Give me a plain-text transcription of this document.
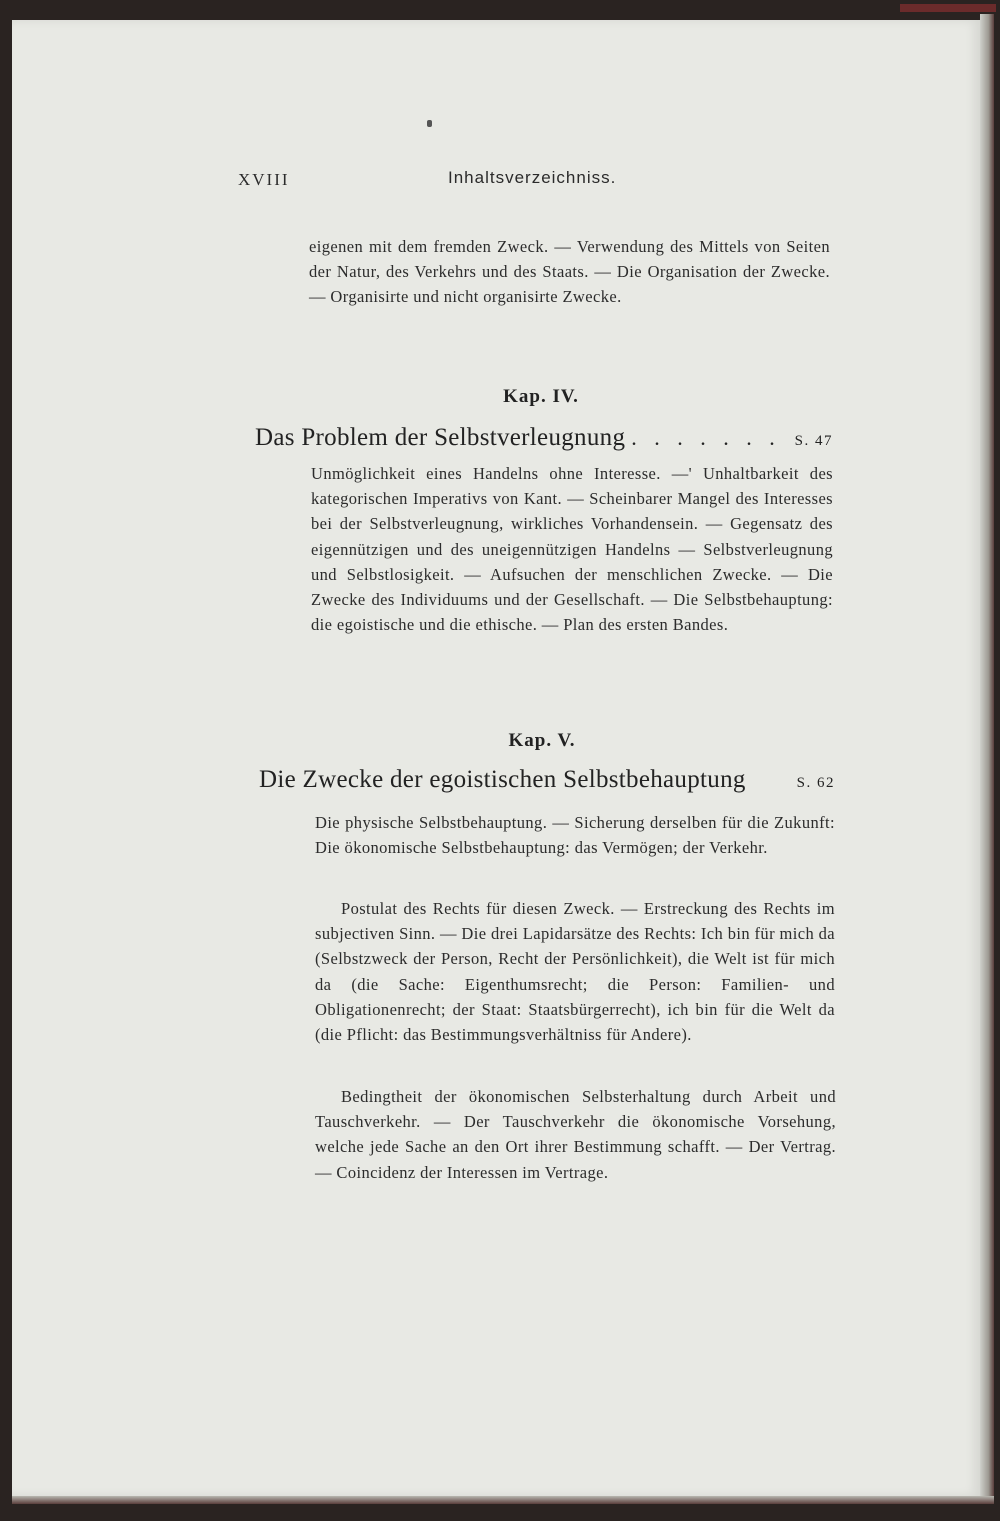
XVIII	Inhaltsverzeichniss.
eigenen mit dem fremden Zweck. — Verwendung des Mittels von Seiten der Natur, des Verkehrs und des Staats. — Die Organisation der Zwecke. — Organisirte und nicht organisirte Zwecke.
Kap. IV.
Das Problem der Selbstverleugnung . . . . . . . S. 47
Unmöglichkeit eines Handelns ohne Interesse. —' Unhaltbarkeit des kategorischen Imperativs von Kant. — Scheinbarer Mangel des Interesses bei der Selbstverleugnung, wirkliches Vorhandensein. — Gegensatz des eigennützigen und des uneigennützigen Handelns — Selbstverleugnung und Selbstlosigkeit. — Aufsuchen der menschlichen Zwecke. — Die Zwecke des Individuums und der Gesellschaft. — Die Selbstbehauptung: die egoistische und die ethische. — Plan des ersten Bandes.
Kap. V.
Die Zwecke der egoistischen Selbstbehauptung	S. 62
Die physische Selbstbehauptung. — Sicherung derselben für die Zukunft: Die ökonomische Selbstbehauptung: das Vermögen; der Verkehr.
Postulat des Rechts für diesen Zweck. — Erstreckung des Rechts im subjectiven Sinn. — Die drei Lapidarsätze des Rechts: Ich bin für mich da (Selbstzweck der Person, Recht der Persönlichkeit), die Welt ist für mich da (die Sache: Eigenthumsrecht; die Person: Familien- und Obligationenrecht; der Staat: Staatsbürgerrecht), ich bin für die Welt da (die Pflicht: das Bestimmungsverhältniss für Andere).
Bedingtheit der ökonomischen Selbsterhaltung durch Arbeit und Tauschverkehr. — Der Tauschverkehr die ökonomische Vorsehung, welche jede Sache an den Ort ihrer Bestimmung schafft. — Der Vertrag. — Coincidenz der Interessen im Vertrage.
